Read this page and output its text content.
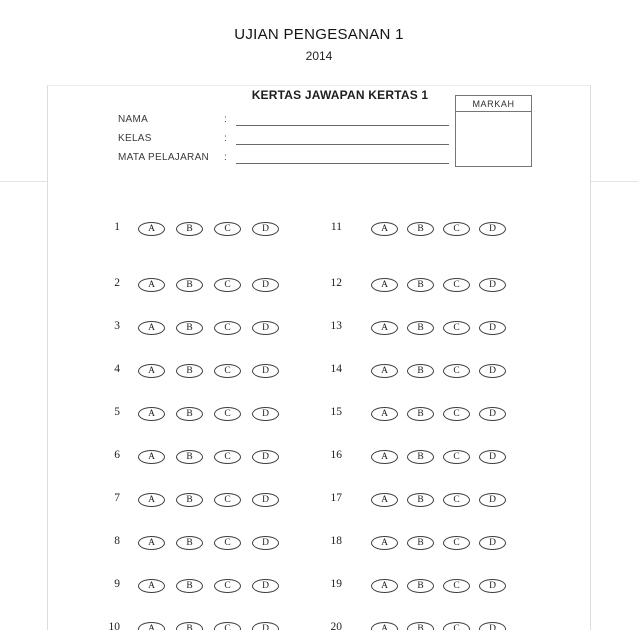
UJIAN PENGESANAN 1
2014
KERTAS JAWAPAN KERTAS 1
MARKAH
NAMA	:
KELAS	:
MATA PELAJARAN	:
1	A	B	C	D	11	A	B	C	D
2	A	B	C	D	12	A	B	C	D
3	A	B	C	D	13	A	B	C	D
4	A	B	C	D	14	A	B	C	D
5	A	B	C	D	15	A	B	C	D
6	A	B	C	D	16	A	B	C	D
7	A	B	C	D	17	A	B	C	D
8	A	B	C	D	18	A	B	C	D
9	A	B	C	D	19	A	B	C	D
10	A	B	C	D	20	A	B	C	D
